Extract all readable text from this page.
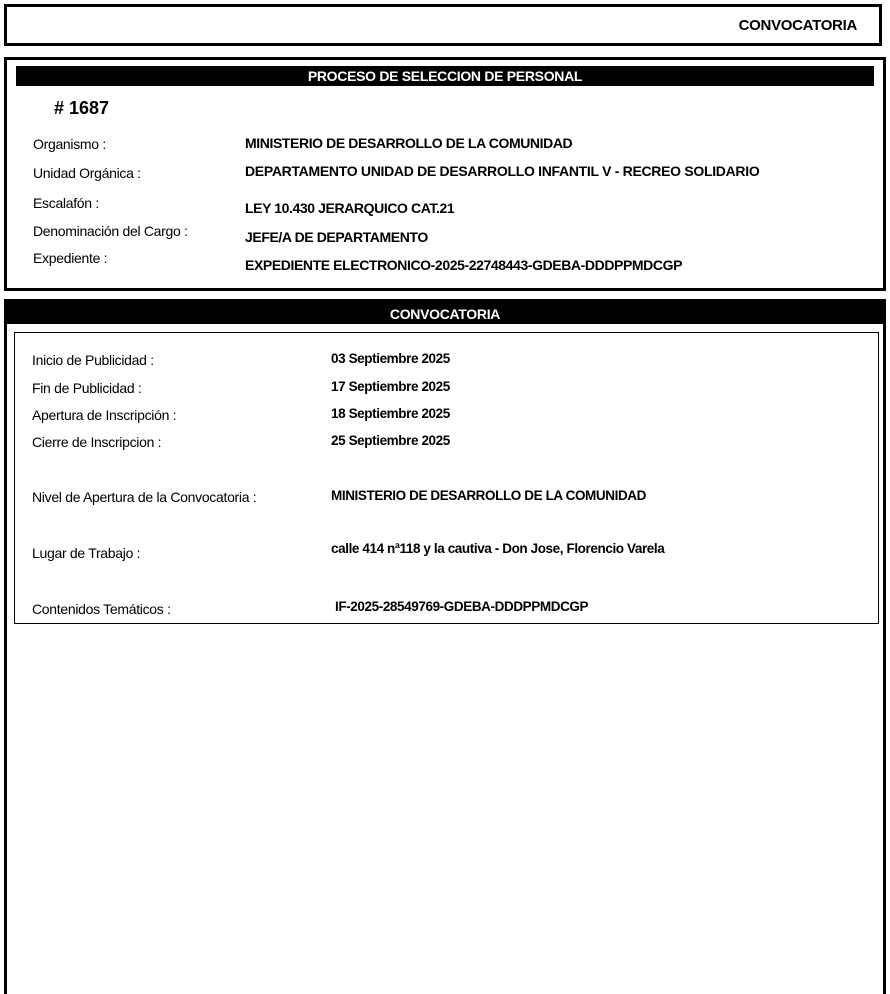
CONVOCATORIA
PROCESO DE SELECCION DE PERSONAL
# 1687
Organismo :	MINISTERIO DE DESARROLLO DE LA COMUNIDAD
Unidad Orgánica :	DEPARTAMENTO UNIDAD DE DESARROLLO INFANTIL V - RECREO SOLIDARIO
Escalafón :	LEY 10.430 JERARQUICO CAT.21
Denominación del Cargo :	JEFE/A DE DEPARTAMENTO
Expediente :	EXPEDIENTE ELECTRONICO-2025-22748443-GDEBA-DDDPPMDCGP
CONVOCATORIA
Inicio de Publicidad :	03 Septiembre 2025
Fin de Publicidad :	17 Septiembre 2025
Apertura de Inscripción :	18 Septiembre 2025
Cierre de Inscripcion :	25 Septiembre 2025
Nivel de Apertura de la Convocatoria :	MINISTERIO DE DESARROLLO DE LA COMUNIDAD
Lugar de Trabajo :	calle 414 nª118 y la cautiva - Don Jose, Florencio Varela
Contenidos Temáticos :	IF-2025-28549769-GDEBA-DDDPPMDCGP
